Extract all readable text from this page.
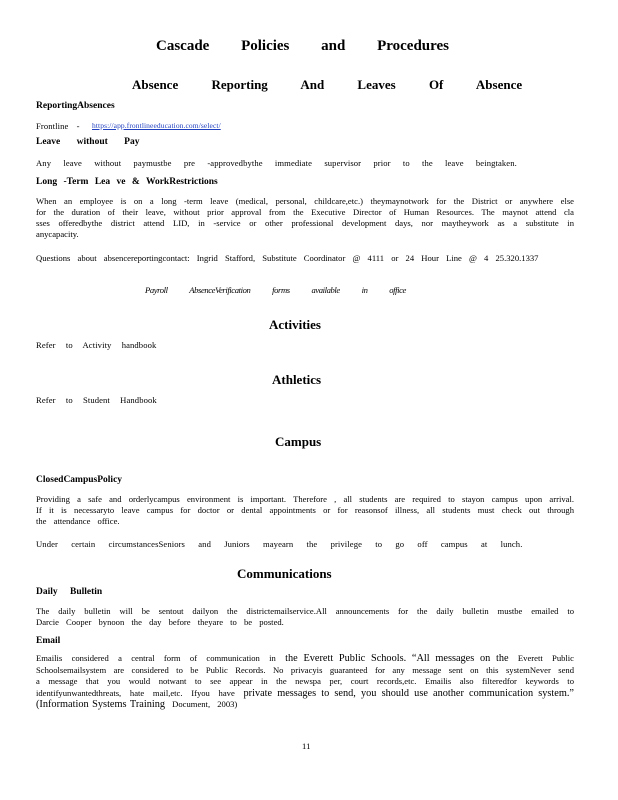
Cascade Policies and Procedures
Absence Reporting And Leaves Of Absence
ReportingAbsences
Frontline - https://app.frontlineeducation.com/select/
Leave without Pay
Any leave without paymustbe pre -approvedbythe immediate supervisor prior to the leave beingtaken.
Long -Term Lea ve & WorkRestrictions
When an employee is on a long -term leave (medical, personal, childcare,etc.) theymaynotwork for the District or anywhere else for the duration of their leave, without prior approval from the Executive Director of Human Resources. The maynot attend cla sses offeredbythe district attend LID, in -service or other professional development days, nor maytheywork as a substitute in anycapacity.
Questions about absencereportingcontact: Ingrid Stafford, Substitute Coordinator @ 4111 or 24 Hour Line @ 4 25.320.1337
Payroll AbsenceVerification forms available in office
Activities
Refer to Activity handbook
Athletics
Refer to Student Handbook
Campus
ClosedCampusPolicy
Providing a safe and orderlycampus environment is important. Therefore , all students are required to stayon campus upon arrival. If it is necessaryto leave campus for doctor or dental appointments or for reasonsof illness, all students must check out through the attendance office.
Under certain circumstancesSeniors and Juniors mayearn the privilege to go off campus at lunch.
Communications
Daily Bulletin
The daily bulletin will be sentout dailyon the districtemailservice.All announcements for the daily bulletin mustbe emailed to Darcie Cooper bynoon the day before theyare to be posted.
Email
Emailis considered a central form of communication in the Everett Public Schools. “All messages on the Everett Public Schoolsemailsystem are considered to be Public Records. No privacyis guaranteed for any message sent on this systemNever send a message that you would notwant to see appear in the newspa per, court records,etc. Emailis also filteredfor keywords to identifyunwantedthreats, hate mail,etc. Ifyou have private messages to send, you should use another communication system.” (Information Systems Training Document, 2003)
11
